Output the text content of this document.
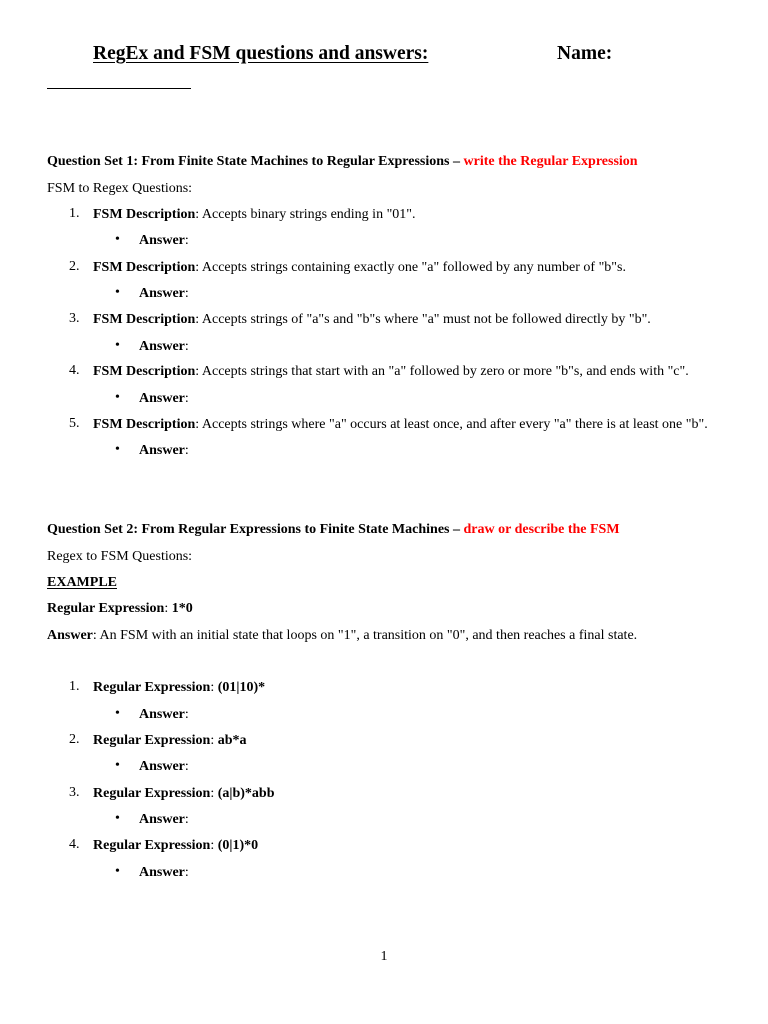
RegEx and FSM questions and answers:	Name:
Question Set 1: From Finite State Machines to Regular Expressions – write the Regular Expression
FSM to Regex Questions:
1. FSM Description: Accepts binary strings ending in "01".
• Answer:
2. FSM Description: Accepts strings containing exactly one "a" followed by any number of "b"s.
• Answer:
3. FSM Description: Accepts strings of "a"s and "b"s where "a" must not be followed directly by "b".
• Answer:
4. FSM Description: Accepts strings that start with an "a" followed by zero or more "b"s, and ends with "c".
• Answer:
5. FSM Description: Accepts strings where "a" occurs at least once, and after every "a" there is at least one "b".
• Answer:
Question Set 2: From Regular Expressions to Finite State Machines – draw or describe the FSM
Regex to FSM Questions:
EXAMPLE
Regular Expression: 1*0
Answer: An FSM with an initial state that loops on "1", a transition on "0", and then reaches a final state.
1. Regular Expression: (01|10)*
• Answer:
2. Regular Expression: ab*a
• Answer:
3. Regular Expression: (a|b)*abb
• Answer:
4. Regular Expression: (0|1)*0
• Answer:
1
